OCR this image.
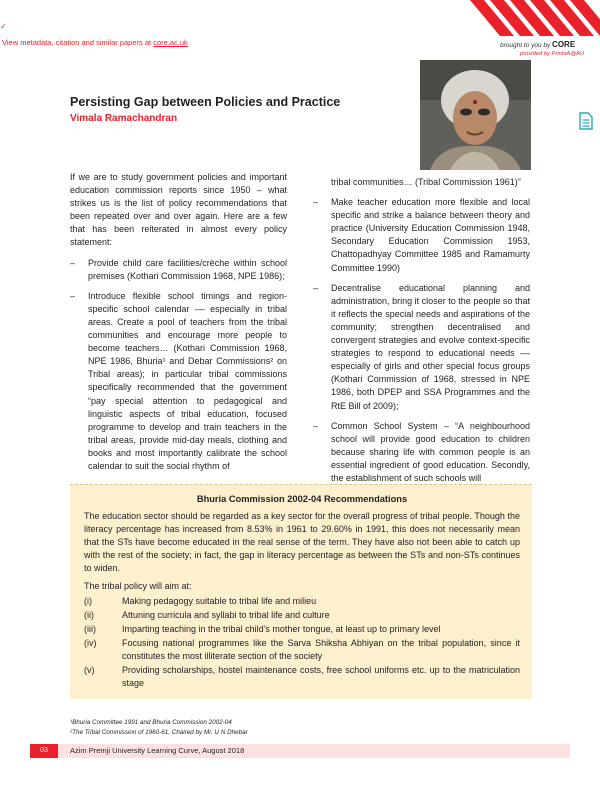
✓
View metadata, citation and similar papers at core.ac.uk	brought to you by CORE
provided by PrintsA@AU
Persisting Gap between Policies and Practice
Vimala Ramachandran

If we are to study government policies and important education commission reports since 1950 – what strikes us is the list of policy recommendations that been repeated over and over again. Here are a few that has been reiterated in almost every policy statement:

– Provide child care facilities/crèche within school premises (Kothari Commission 1968, NPE 1986);
– Introduce flexible school timings and region-specific school calendar –– especially in tribal areas. Create a pool of teachers from the tribal communities and encourage more people to become teachers… (Kothari Commission 1968, NPE 1986, Bhuria¹ and Debar Commissions² on Tribal areas); in particular tribal commissions specifically recommended that the government “pay special attention to pedagogical and linguistic aspects of tribal education, focused programme to develop and train teachers in the tribal areas, provide mid-day meals, clothing and books and most importantly calibrate the school calendar to suit the social rhythm of
tribal communities… (Tribal Commission 1961)”
– Make teacher education more flexible and local specific and strike a balance between theory and practice (University Education Commission 1948, Secondary Education Commission 1953, Chattopadhyay Committee 1985 and Ramamurty Committee 1990)
– Decentralise educational planning and administration, bring it closer to the people so that it reflects the special needs and aspirations of the community; strengthen decentralised and convergent strategies and evolve context-specific strategies to respond to educational needs –– especially of girls and other special focus groups (Kothari Commission of 1968, stressed in NPE 1986, both DPEP and SSA Programmes and the RtE Bill of 2009);
– Common School System – “A neighbourhood school will provide good education to children because sharing life with common people is an essential ingredient of good education. Secondly, the establishment of such schools will
Bhuria Commission 2002-04 Recommendations

The education sector should be regarded as a key sector for the overall progress of tribal people. Though the literacy percentage has increased from 8.53% in 1961 to 29.60% in 1991, this does not necessarily mean that the STs have become educated in the real sense of the term. They have also not been able to catch up with the rest of the society; in fact, the gap in literacy percentage as between the STs and non-STs continues to widen.

The tribal policy will aim at:

(i)	Making pedagogy suitable to tribal life and milieu
(ii)	Attuning curricula and syllabi to tribal life and culture
(iii)	Imparting teaching in the tribal child’s mother tongue, at least up to primary level
(iv)	Focusing national programmes like the Sarva Shiksha Abhiyan on the tribal population, since it constitutes the most illiterate section of the society
(v)	Providing scholarships, hostel maintenance costs, free school uniforms etc. up to the matriculation stage
¹Bhuria Committee 1991 and Bhuria Commission 2002-04
²The Tribal Commission of 1960-61, Chaired by Mr. U N Dhebar
03	Azim Premji University Learning Curve, August 2018
